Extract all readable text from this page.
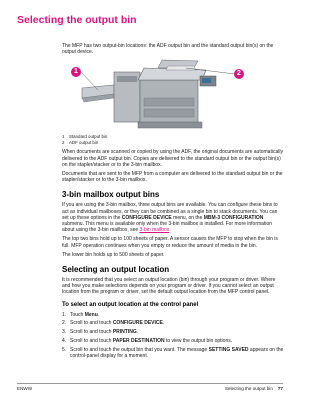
Selecting the output bin

The MFP has two output-bin locations: the ADF output bin and the standard output bin(s) on the output device.

1	2
1	Standard output bin
2	ADF output bin

When documents are scanned or copied by using the ADF, the original documents are automatically delivered to the ADF output bin. Copies are delivered to the standard output bin or the output bin(s) on the stapler/stacker or to the 3-bin mailbox.

Documents that are sent to the MFP from a computer are delivered to the standard output bin or the stapler/stacker or to the 3-bin mailbox.

3-bin mailbox output bins

If you are using the 3-bin mailbox, three output bins are available. You can configure these bins to act as individual mailboxes, or they can be combined as a single bin to stack documents. You can set up these options in the CONFIGURE DEVICE menu, on the MBM-3 CONFIGURATION submenu. This menu is available only when the 3-bin mailbox is installed. For more information about using the 3-bin mailbox, see 3-bin mailbox.

The top two bins hold up to 100 sheets of paper. A sensor causes the MFP to stop when the bin is full. MFP operation continues when you empty or reduce the amount of media in the bin.

The lower bin holds up to 500 sheets of paper.

Selecting an output location

It is recommended that you select an output location (bin) through your program or driver. Where and how you make selections depends on your program or driver. If you cannot select an output location from the program or driver, set the default output location from the MFP control panel.

To select an output location at the control panel
1. Touch Menu.
2. Scroll to and touch CONFIGURE DEVICE.
3. Scroll to and touch PRINTING.
4. Scroll to and touch PAPER DESTINATION to view the output bin options.
5. Scroll to and touch the output bin that you want. The message SETTING SAVED appears on the control-panel display for a moment.
ENWW	Selecting the output bin 77
